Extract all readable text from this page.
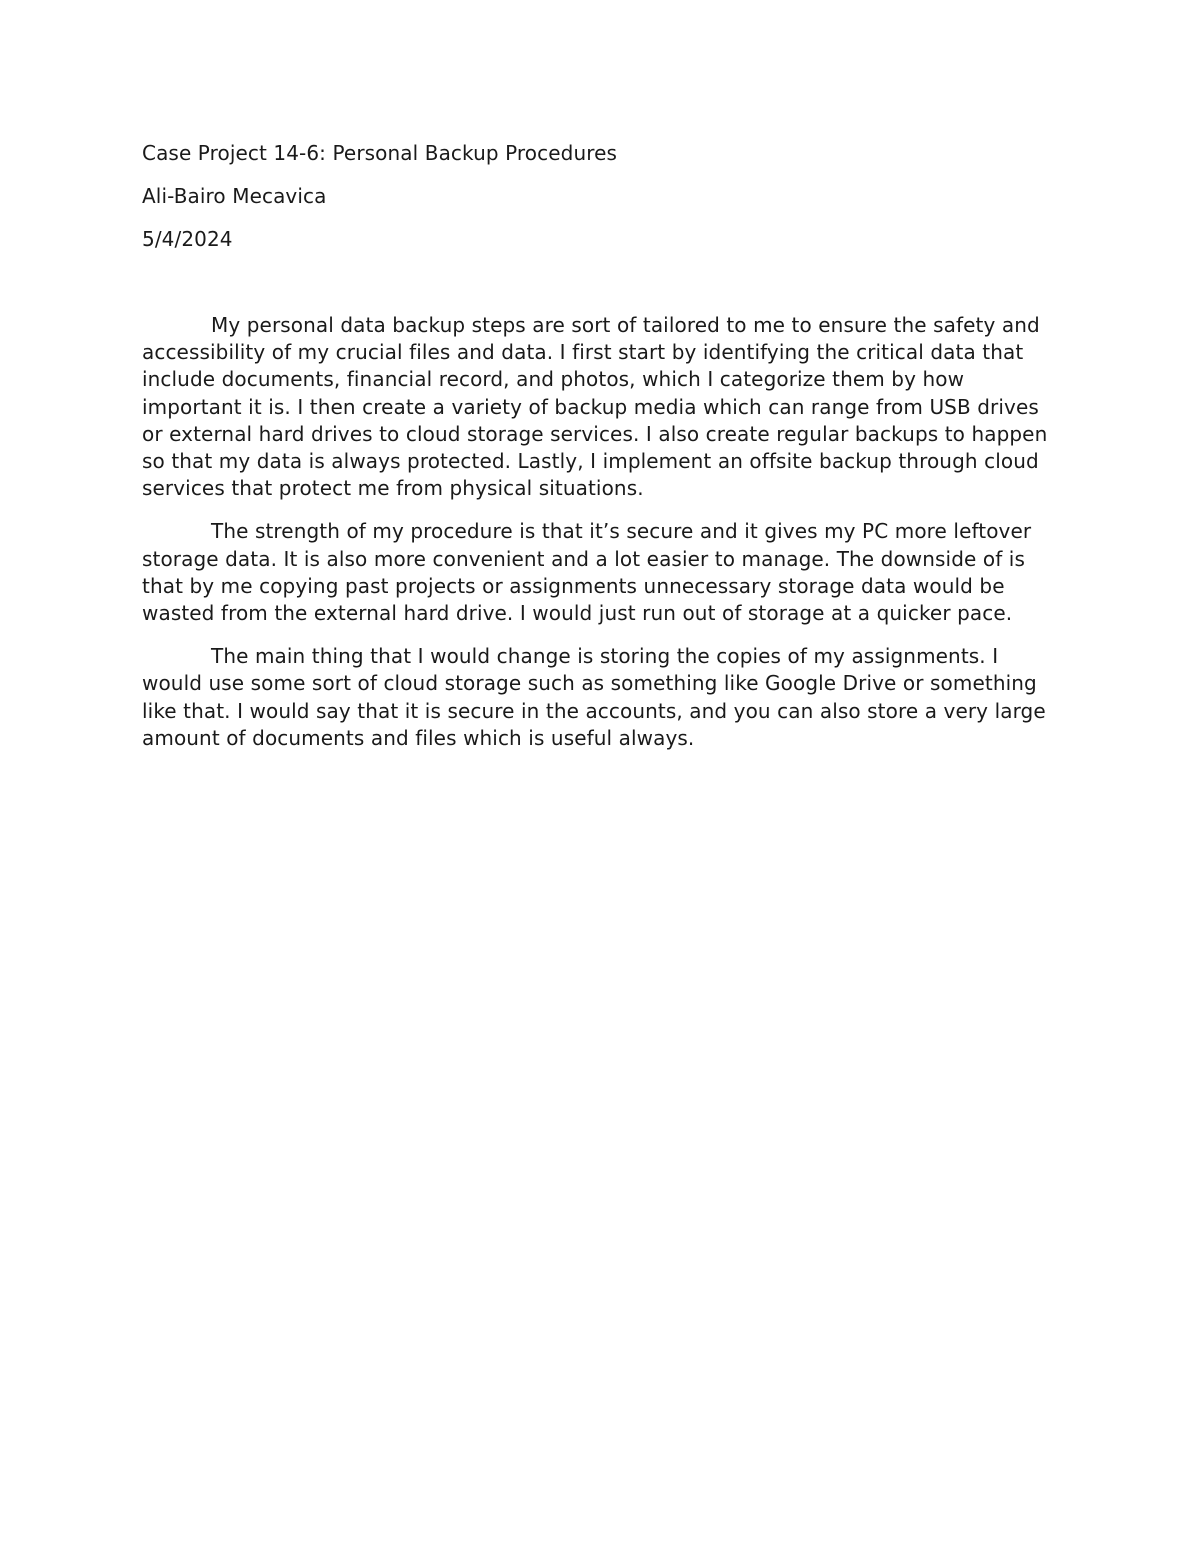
Case Project 14-6: Personal Backup Procedures

Ali-Bairo Mecavica

5/4/2024

My personal data backup steps are sort of tailored to me to ensure the safety and accessibility of my crucial files and data. I first start by identifying the critical data that include documents, financial record, and photos, which I categorize them by how important it is. I then create a variety of backup media which can range from USB drives or external hard drives to cloud storage services. I also create regular backups to happen so that my data is always protected. Lastly, I implement an offsite backup through cloud services that protect me from physical situations.

The strength of my procedure is that it’s secure and it gives my PC more leftover storage data. It is also more convenient and a lot easier to manage. The downside of is that by me copying past projects or assignments unnecessary storage data would be wasted from the external hard drive. I would just run out of storage at a quicker pace.

The main thing that I would change is storing the copies of my assignments. I would use some sort of cloud storage such as something like Google Drive or something like that. I would say that it is secure in the accounts, and you can also store a very large amount of documents and files which is useful always.
